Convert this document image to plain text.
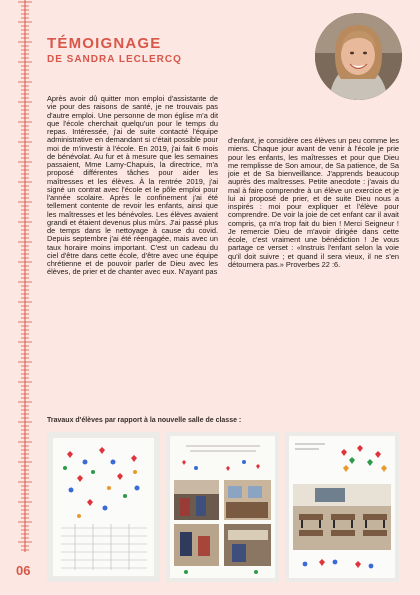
TÉMOIGNAGE
DE SANDRA LECLERCQ

Après avoir dû quitter mon emploi d'assistante de vie pour des raisons de santé, je ne trouvais pas d'autre emploi. Une personne de mon église m'a dit que l'école cherchait quelqu'un pour le temps du repas. Intéressée, j'ai de suite contacté l'équipe administrative en demandant si c'était possible pour moi de m'investir à l'école. En 2019, j'ai fait 6 mois de bénévolat. Au fur et à mesure que les semaines passaient, Mme Lamy-Chapuis, la directrice, m'a proposé différentes tâches pour aider les maîtresses et les élèves. À la rentrée 2019, j'ai signé un contrat avec l'école et le pôle emploi pour l'année scolaire. Après le confinement j'ai été tellement contente de revoir les enfants, ainsi que les maîtresses et les bénévoles. Les élèves avaient grandi et étaient devenus plus mûrs. J'ai passé plus de temps dans le nettoyage à cause du covid. Depuis septembre j'ai été réengagée, mais avec un taux horaire moins important. C'est un cadeau du ciel d'être dans cette école, d'être avec une équipe chrétienne et de pouvoir parler de Dieu avec les élèves, de prier et de chanter avec eux. N'ayant pas

d'enfant, je considère ces élèves un peu comme les miens. Chaque jour avant de venir à l'école je prie pour les enfants, les maîtresses et pour que Dieu me remplisse de Son amour, de Sa patience, de Sa joie et de Sa bienveillance. J'apprends beaucoup auprès des maîtresses. Petite anecdote : j'avais du mal à faire comprendre à un élève un exercice et je lui ai proposé de prier, et de suite Dieu nous a inspirés : moi pour expliquer et l'élève pour comprendre. De voir la joie de cet enfant car il avait compris, ça m'a trop fait du bien ! Merci Seigneur ! Je remercie Dieu de m'avoir dirigée dans cette école, c'est vraiment une bénédiction ! Je vous partage ce verset : «Instruis l'enfant selon la voie qu'il doit suivre ; et quand il sera vieux, il ne s'en détournera pas.» Proverbes 22 :6.

Travaux d'élèves par rapport à la nouvelle salle de classe :

06
